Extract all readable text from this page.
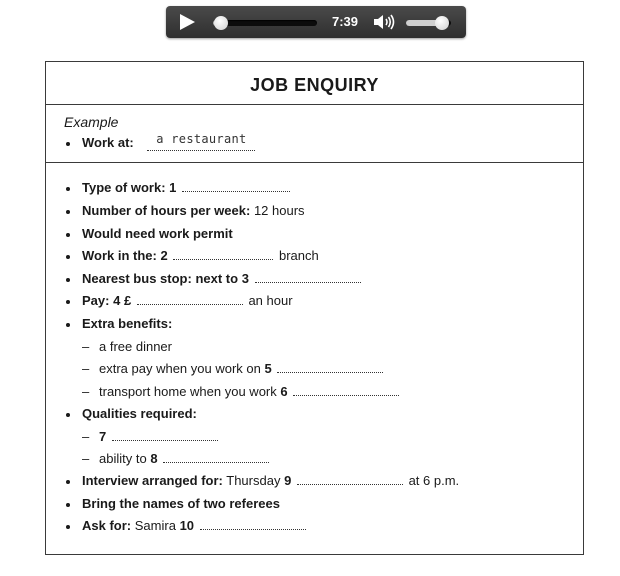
7:39
JOB ENQUIRY
Example
Work at: a restaurant
Type of work: 1
Number of hours per week: 12 hours
Would need work permit
Work in the: 2	branch
Nearest bus stop: next to 3
Pay: 4 £	an hour
Extra benefits:
– a free dinner
– extra pay when you work on 5
– transport home when you work 6
Qualities required:
– 7
– ability to 8
Interview arranged for: Thursday 9	at 6 p.m.
Bring the names of two referees
Ask for: Samira 10
